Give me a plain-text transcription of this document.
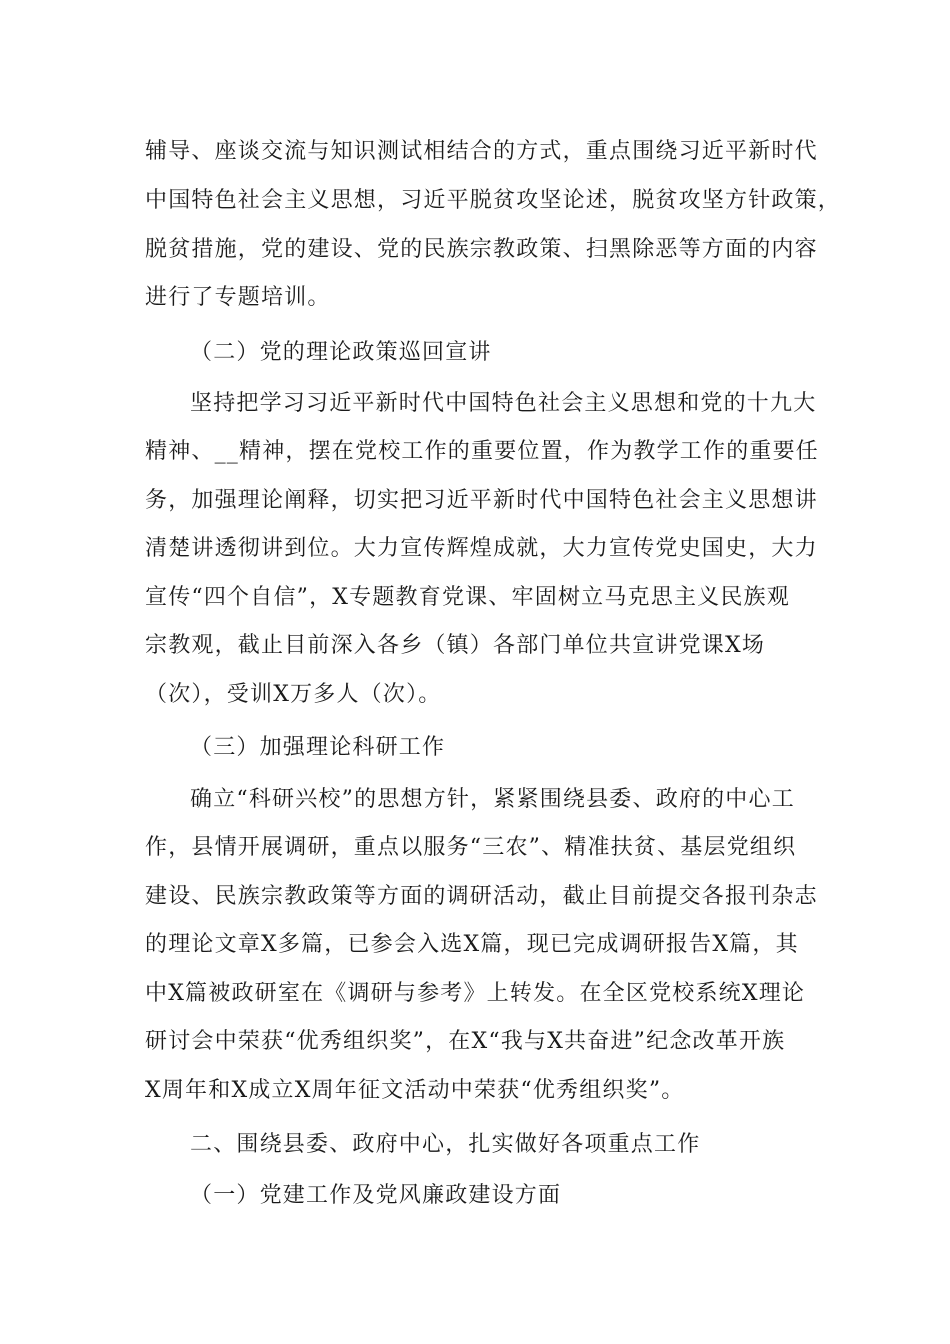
辅导、座谈交流与知识测试相结合的方式，重点围绕习近平新时代
中国特色社会主义思想，习近平脱贫攻坚论述，脱贫攻坚方针政策，
脱贫措施，党的建设、党的民族宗教政策、扫黑除恶等方面的内容
进行了专题培训。
（二）党的理论政策巡回宣讲
坚持把学习习近平新时代中国特色社会主义思想和党的十九大
精神、__精神，摆在党校工作的重要位置，作为教学工作的重要任
务，加强理论阐释，切实把习近平新时代中国特色社会主义思想讲
清楚讲透彻讲到位。大力宣传辉煌成就，大力宣传党史国史，大力
宣传“四个自信”，X专题教育党课、牢固树立马克思主义民族观
宗教观，截止目前深入各乡（镇）各部门单位共宣讲党课X场
（次），受训X万多人（次）。
（三）加强理论科研工作
确立“科研兴校”的思想方针，紧紧围绕县委、政府的中心工
作，县情开展调研，重点以服务“三农”、精准扶贫、基层党组织
建设、民族宗教政策等方面的调研活动，截止目前提交各报刊杂志
的理论文章X多篇，已参会入选X篇，现已完成调研报告X篇，其
中X篇被政研室在《调研与参考》上转发。在全区党校系统X理论
研讨会中荣获“优秀组织奖”，在X“我与X共奋进”纪念改革开族
X周年和X成立X周年征文活动中荣获“优秀组织奖”。
二、围绕县委、政府中心，扎实做好各项重点工作
（一）党建工作及党风廉政建设方面
